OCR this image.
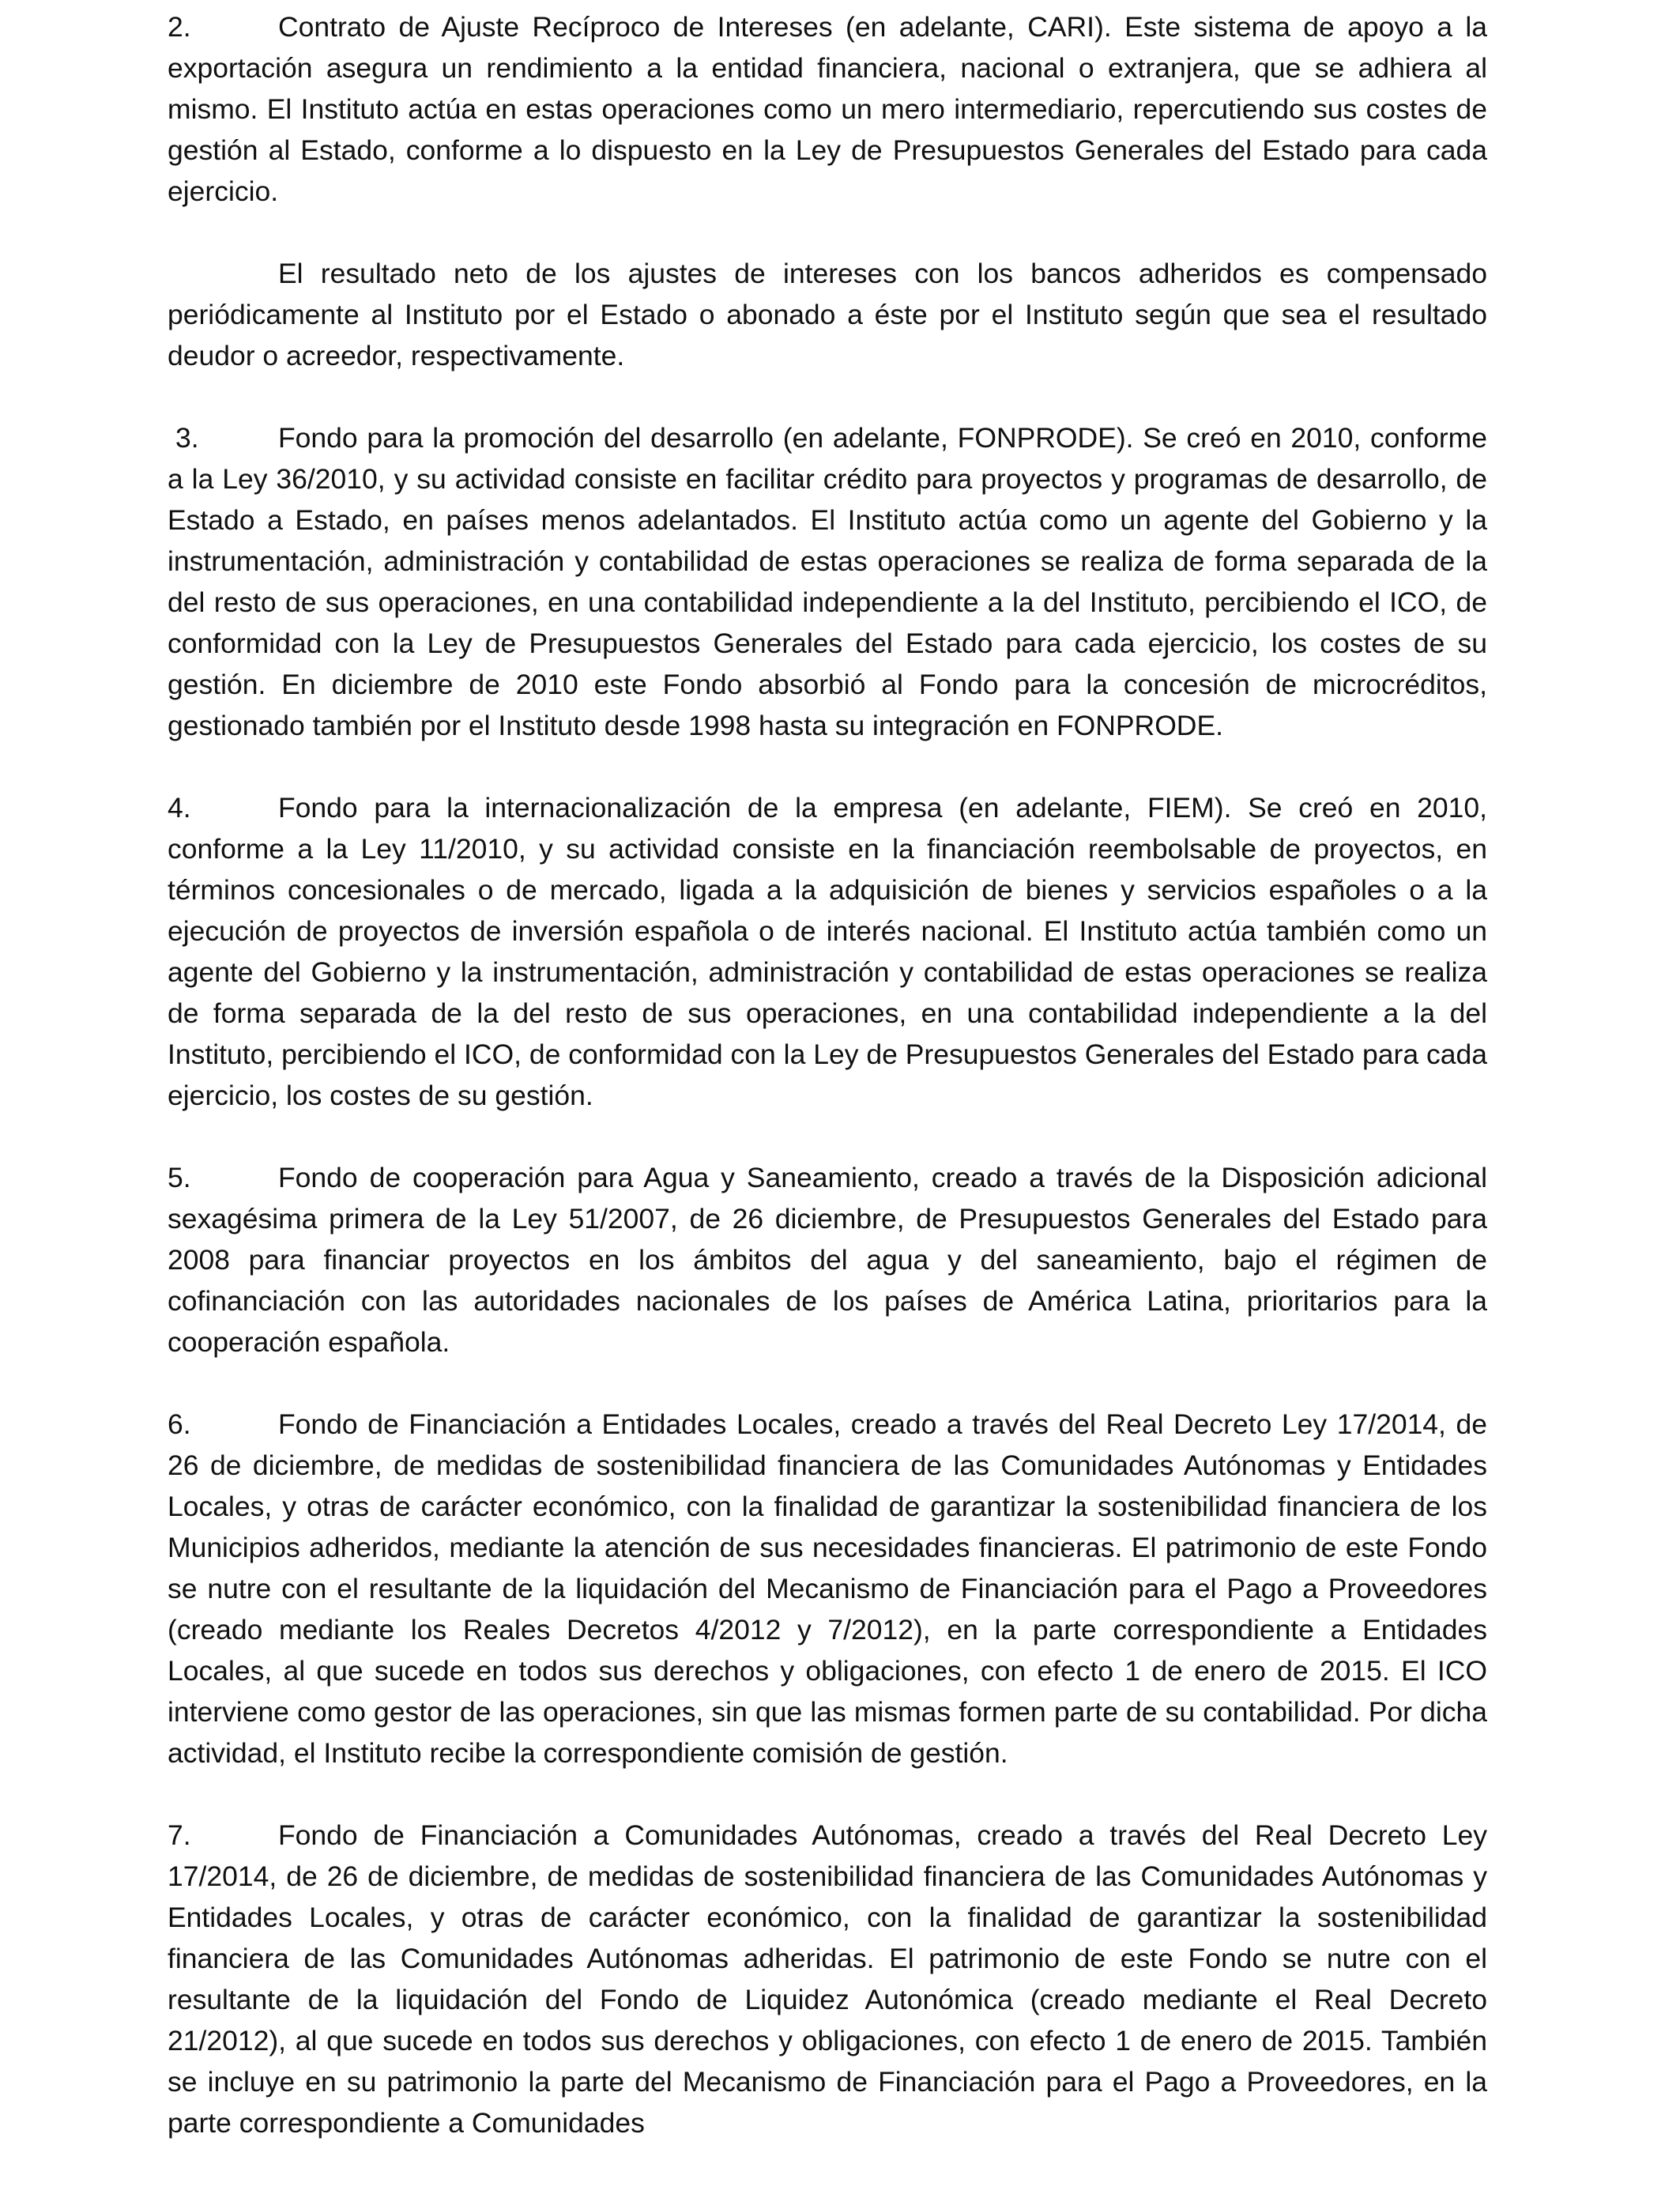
2.	Contrato de Ajuste Recíproco de Intereses (en adelante, CARI). Este sistema de apoyo a la exportación asegura un rendimiento a la entidad financiera, nacional o extranjera, que se adhiera al mismo. El Instituto actúa en estas operaciones como un mero intermediario, repercutiendo sus costes de gestión al Estado, conforme a lo dispuesto en la Ley de Presupuestos Generales del Estado para cada ejercicio.

El resultado neto de los ajustes de intereses con los bancos adheridos es compensado periódicamente al Instituto por el Estado o abonado a éste por el Instituto según que sea el resultado deudor o acreedor, respectivamente.

3.	Fondo para la promoción del desarrollo (en adelante, FONPRODE). Se creó en 2010, conforme a la Ley 36/2010, y su actividad consiste en facilitar crédito para proyectos y programas de desarrollo, de Estado a Estado, en países menos adelantados. El Instituto actúa como un agente del Gobierno y la instrumentación, administración y contabilidad de estas operaciones se realiza de forma separada de la del resto de sus operaciones, en una contabilidad independiente a la del Instituto, percibiendo el ICO, de conformidad con la Ley de Presupuestos Generales del Estado para cada ejercicio, los costes de su gestión. En diciembre de 2010 este Fondo absorbió al Fondo para la concesión de microcréditos, gestionado también por el Instituto desde 1998 hasta su integración en FONPRODE.

4.	Fondo para la internacionalización de la empresa (en adelante, FIEM). Se creó en 2010, conforme a la Ley 11/2010, y su actividad consiste en la financiación reembolsable de proyectos, en términos concesionales o de mercado, ligada a la adquisición de bienes y servicios españoles o a la ejecución de proyectos de inversión española o de interés nacional. El Instituto actúa también como un agente del Gobierno y la instrumentación, administración y contabilidad de estas operaciones se realiza de forma separada de la del resto de sus operaciones, en una contabilidad independiente a la del Instituto, percibiendo el ICO, de conformidad con la Ley de Presupuestos Generales del Estado para cada ejercicio, los costes de su gestión.

5.	Fondo de cooperación para Agua y Saneamiento, creado a través de la Disposición adicional sexagésima primera de la Ley 51/2007, de 26 diciembre, de Presupuestos Generales del Estado para 2008 para financiar proyectos en los ámbitos del agua y del saneamiento, bajo el régimen de cofinanciación con las autoridades nacionales de los países de América Latina, prioritarios para la cooperación española.

6.	Fondo de Financiación a Entidades Locales, creado a través del Real Decreto Ley 17/2014, de 26 de diciembre, de medidas de sostenibilidad financiera de las Comunidades Autónomas y Entidades Locales, y otras de carácter económico, con la finalidad de garantizar la sostenibilidad financiera de los Municipios adheridos, mediante la atención de sus necesidades financieras. El patrimonio de este Fondo se nutre con el resultante de la liquidación del Mecanismo de Financiación para el Pago a Proveedores (creado mediante los Reales Decretos 4/2012 y 7/2012), en la parte correspondiente a Entidades Locales, al que sucede en todos sus derechos y obligaciones, con efecto 1 de enero de 2015. El ICO interviene como gestor de las operaciones, sin que las mismas formen parte de su contabilidad. Por dicha actividad, el Instituto recibe la correspondiente comisión de gestión.

7.	Fondo de Financiación a Comunidades Autónomas, creado a través del Real Decreto Ley 17/2014, de 26 de diciembre, de medidas de sostenibilidad financiera de las Comunidades Autónomas y Entidades Locales, y otras de carácter económico, con la finalidad de garantizar la sostenibilidad financiera de las Comunidades Autónomas adheridas. El patrimonio de este Fondo se nutre con el resultante de la liquidación del Fondo de Liquidez Autonómica (creado mediante el Real Decreto 21/2012), al que sucede en todos sus derechos y obligaciones, con efecto 1 de enero de 2015. También se incluye en su patrimonio la parte del Mecanismo de Financiación para el Pago a Proveedores, en la parte correspondiente a Comunidades
